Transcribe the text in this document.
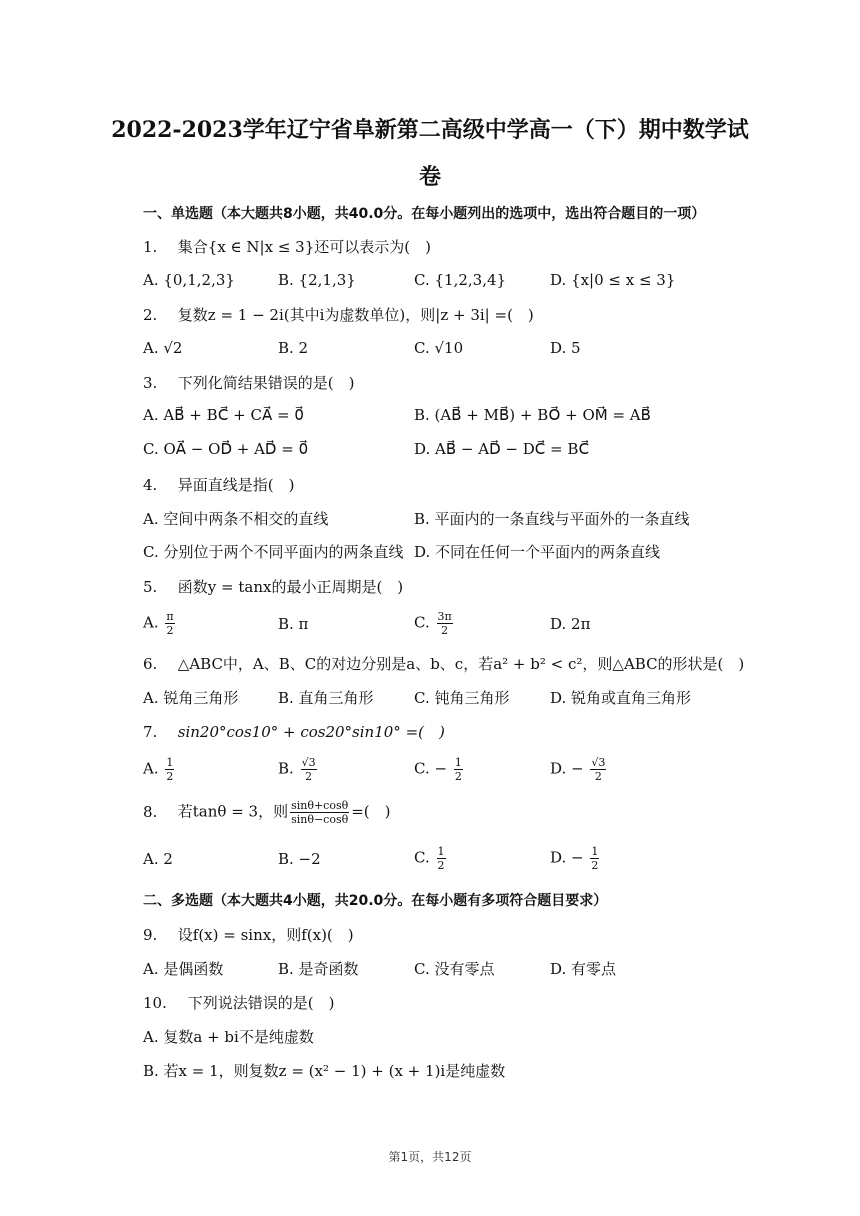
2022-2023学年辽宁省阜新第二高级中学高一（下）期中数学试
卷
一、单选题（本大题共8小题，共40.0分。在每小题列出的选项中，选出符合题目的一项）
1. 集合{x ∈ N|x ≤ 3}还可以表示为(　)
A. {0,1,2,3}	B. {2,1,3}	C. {1,2,3,4}	D. {x|0 ≤ x ≤ 3}
2. 复数z = 1 − 2i(其中i为虚数单位)，则|z + 3i| =(　)
A. √2	B. 2	C. √10	D. 5
3. 下列化简结果错误的是(　)
A. AB⃗ + BC⃗ + CA⃗ = 0⃗	B. (AB⃗ + MB⃗) + BO⃗ + OM⃗ = AB⃗
C. OA⃗ − OD⃗ + AD⃗ = 0⃗	D. AB⃗ − AD⃗ − DC⃗ = BC⃗
4. 异面直线是指(　)
A. 空间中两条不相交的直线	B. 平面内的一条直线与平面外的一条直线
C. 分别位于两个不同平面内的两条直线 D. 不同在任何一个平面内的两条直线
5. 函数y = tanx的最小正周期是(　)
A. $\frac{\pi}{2}$	B. π	C. $\frac{3\pi}{2}$	D. 2π
6. △ABC中，A、B、C的对边分别是a、b、c，若a² + b² < c²，则△ABC的形状是(　)
A. 锐角三角形	B. 直角三角形	C. 钝角三角形	D. 锐角或直角三角形
7. sin20°cos10° + cos20°sin10° =(　)
A. $\frac{1}{2}$	B. $\frac{√3}{2}$	C. − $\frac{1}{2}$	D. − $\frac{√3}{2}$
8. 若tanθ = 3，则 $\frac{\sin\theta+\cos\theta}{\sin\theta-\cos\theta}$ =(　)
A. 2	B. −2	C. $\frac{1}{2}$	D. − $\frac{1}{2}$
二、多选题（本大题共4小题，共20.0分。在每小题有多项符合题目要求）
9. 设f(x) = sinx，则f(x)(　)
A. 是偶函数	B. 是奇函数	C. 没有零点	D. 有零点
10. 下列说法错误的是(　)
A. 复数a + bi不是纯虚数
B. 若x = 1，则复数z = (x² − 1) + (x + 1)i是纯虚数
第1页，共12页
